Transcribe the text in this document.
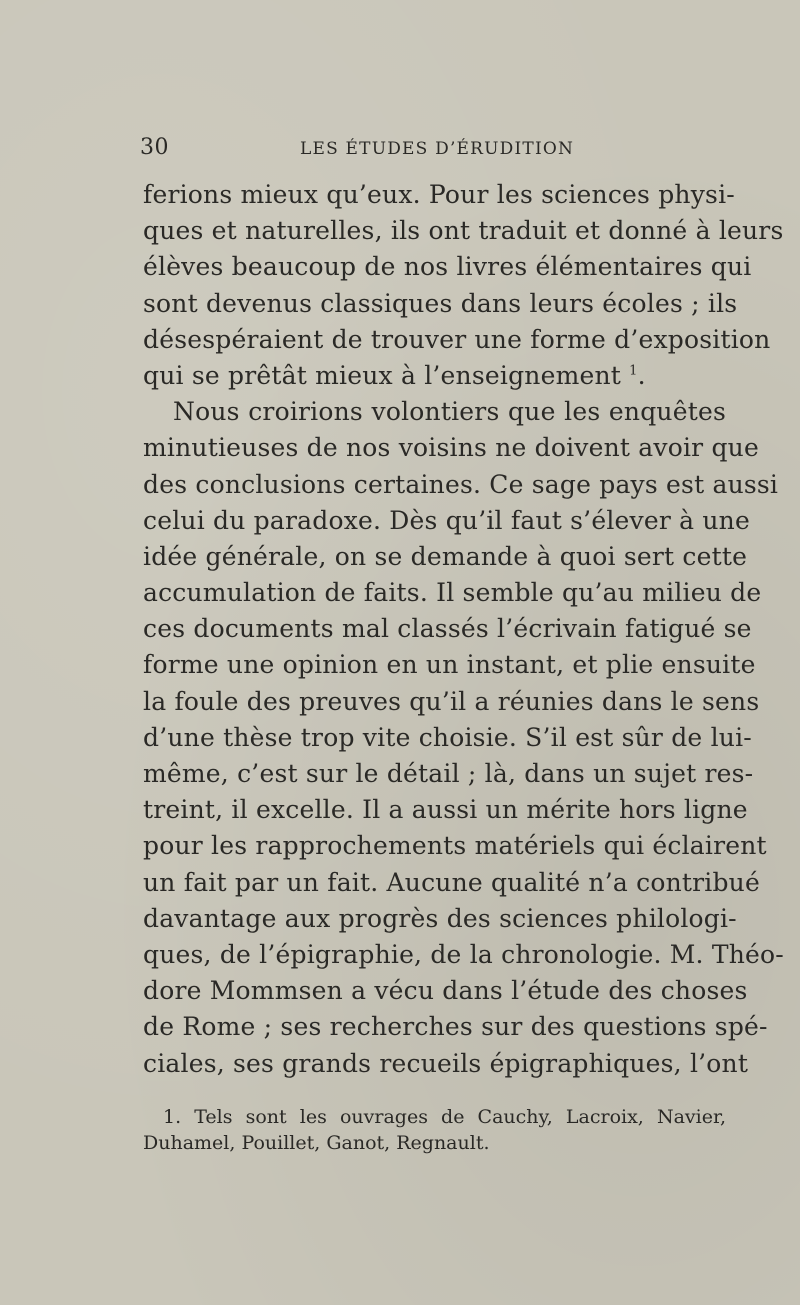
30	LES ÉTUDES D’ÉRUDITION
ferions mieux qu’eux. Pour les sciences physi-
ques et naturelles, ils ont traduit et donné à leurs
élèves beaucoup de nos livres élémentaires qui
sont devenus classiques dans leurs écoles ; ils
désespéraient de trouver une forme d’exposition
qui se prêtât mieux à l’enseignement $^1$.
Nous croirions volontiers que les enquêtes
minutieuses de nos voisins ne doivent avoir que
des conclusions certaines. Ce sage pays est aussi
celui du paradoxe. Dès qu’il faut s’élever à une
idée générale, on se demande à quoi sert cette
accumulation de faits. Il semble qu’au milieu de
ces documents mal classés l’écrivain fatigué se
forme une opinion en un instant, et plie ensuite
la foule des preuves qu’il a réunies dans le sens
d’une thèse trop vite choisie. S’il est sûr de lui-
même, c’est sur le détail ; là, dans un sujet res-
treint, il excelle. Il a aussi un mérite hors ligne
pour les rapprochements matériels qui éclairent
un fait par un fait. Aucune qualité n’a contribué
davantage aux progrès des sciences philologi-
ques, de l’épigraphie, de la chronologie. M. Théo-
dore Mommsen a vécu dans l’étude des choses
de Rome ; ses recherches sur des questions spé-
ciales, ses grands recueils épigraphiques, l’ont
1. Tels sont les ouvrages de Cauchy, Lacroix, Navier,
Duhamel, Pouillet, Ganot, Regnault.
